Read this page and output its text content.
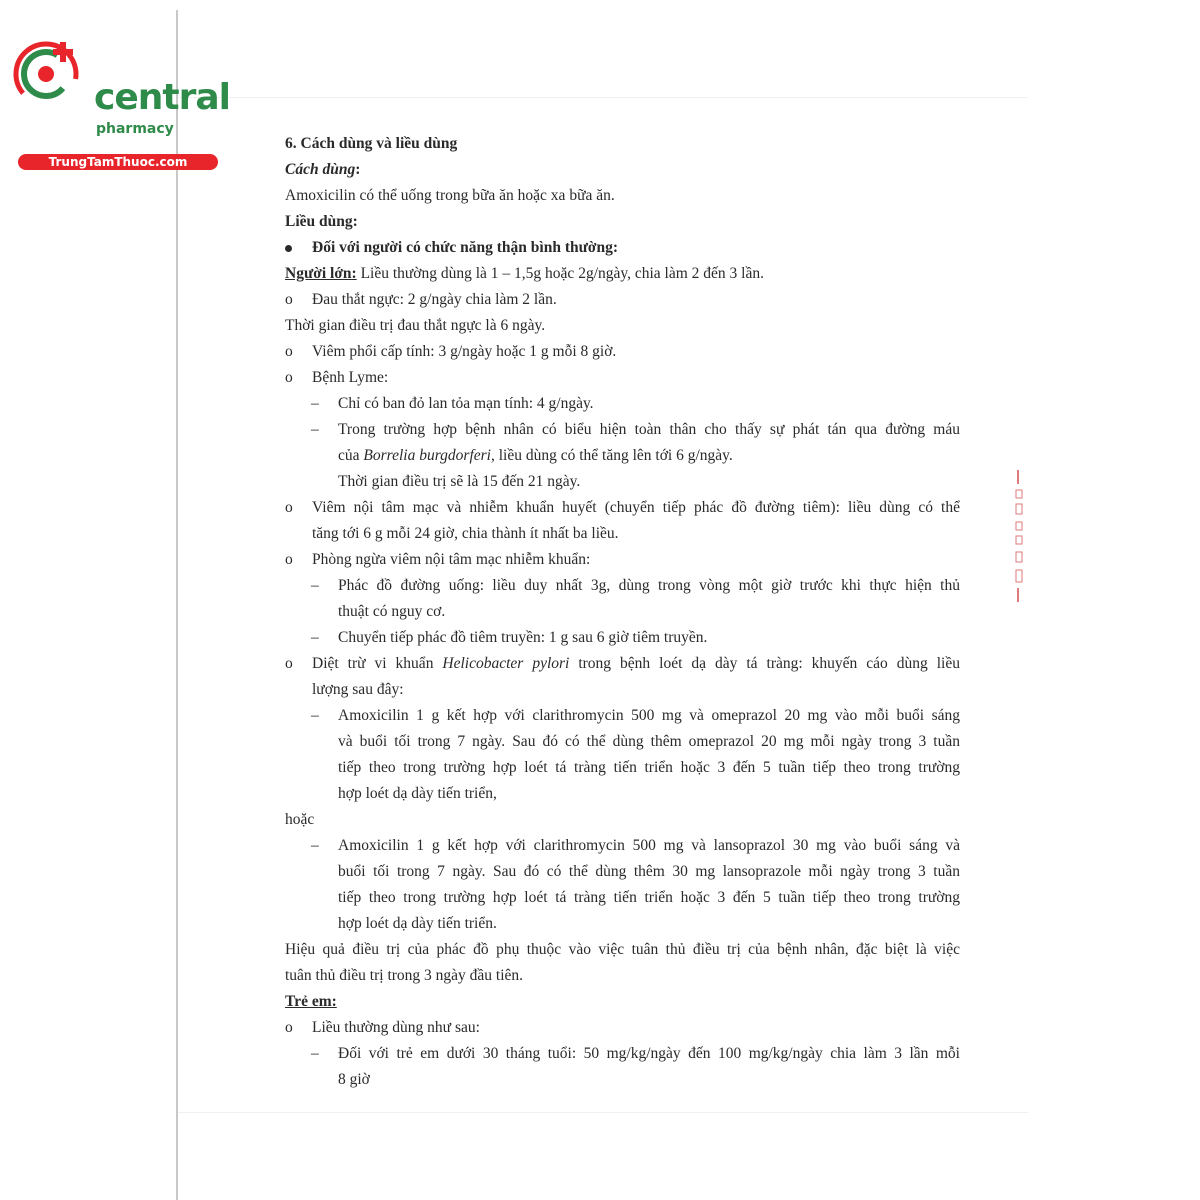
central
pharmacy
TrungTamThuoc.com
6. Cách dùng và liều dùng
Cách dùng:
Amoxicilin có thể uống trong bữa ăn hoặc xa bữa ăn.
Liều dùng:
Đối với người có chức năng thận bình thường:
Người lớn: Liều thường dùng là 1 – 1,5g hoặc 2g/ngày, chia làm 2 đến 3 lần.
o	Đau thắt ngực: 2 g/ngày chia làm 2 lần.
Thời gian điều trị đau thắt ngực là 6 ngày.
o	Viêm phổi cấp tính: 3 g/ngày hoặc 1 g mỗi 8 giờ.
o	Bệnh Lyme:
–	Chỉ có ban đỏ lan tỏa mạn tính: 4 g/ngày.
–	Trong trường hợp bệnh nhân có biểu hiện toàn thân cho thấy sự phát tán qua đường máu
của Borrelia burgdorferi, liều dùng có thể tăng lên tới 6 g/ngày.
Thời gian điều trị sẽ là 15 đến 21 ngày.
o	Viêm nội tâm mạc và nhiễm khuẩn huyết (chuyển tiếp phác đồ đường tiêm): liều dùng có thể
tăng tới 6 g mỗi 24 giờ, chia thành ít nhất ba liều.
o	Phòng ngừa viêm nội tâm mạc nhiễm khuẩn:
–	Phác đồ đường uống: liều duy nhất 3g, dùng trong vòng một giờ trước khi thực hiện thủ
thuật có nguy cơ.
–	Chuyển tiếp phác đồ tiêm truyền: 1 g sau 6 giờ tiêm truyền.
o	Diệt trừ vi khuẩn Helicobacter pylori trong bệnh loét dạ dày tá tràng: khuyến cáo dùng liều
lượng sau đây:
–	Amoxicilin 1 g kết hợp với clarithromycin 500 mg và omeprazol 20 mg vào mỗi buổi sáng
và buổi tối trong 7 ngày. Sau đó có thể dùng thêm omeprazol 20 mg mỗi ngày trong 3 tuần
tiếp theo trong trường hợp loét tá tràng tiến triển hoặc 3 đến 5 tuần tiếp theo trong trường
hợp loét dạ dày tiến triển,
hoặc
–	Amoxicilin 1 g kết hợp với clarithromycin 500 mg và lansoprazol 30 mg vào buổi sáng và
buổi tối trong 7 ngày. Sau đó có thể dùng thêm 30 mg lansoprazole mỗi ngày trong 3 tuần
tiếp theo trong trường hợp loét tá tràng tiến triển hoặc 3 đến 5 tuần tiếp theo trong trường
hợp loét dạ dày tiến triển.
Hiệu quả điều trị của phác đồ phụ thuộc vào việc tuân thủ điều trị của bệnh nhân, đặc biệt là việc
tuân thủ điều trị trong 3 ngày đầu tiên.
Trẻ em:
o	Liều thường dùng như sau:
–	Đối với trẻ em dưới 30 tháng tuổi: 50 mg/kg/ngày đến 100 mg/kg/ngày chia làm 3 lần mỗi
8 giờ
